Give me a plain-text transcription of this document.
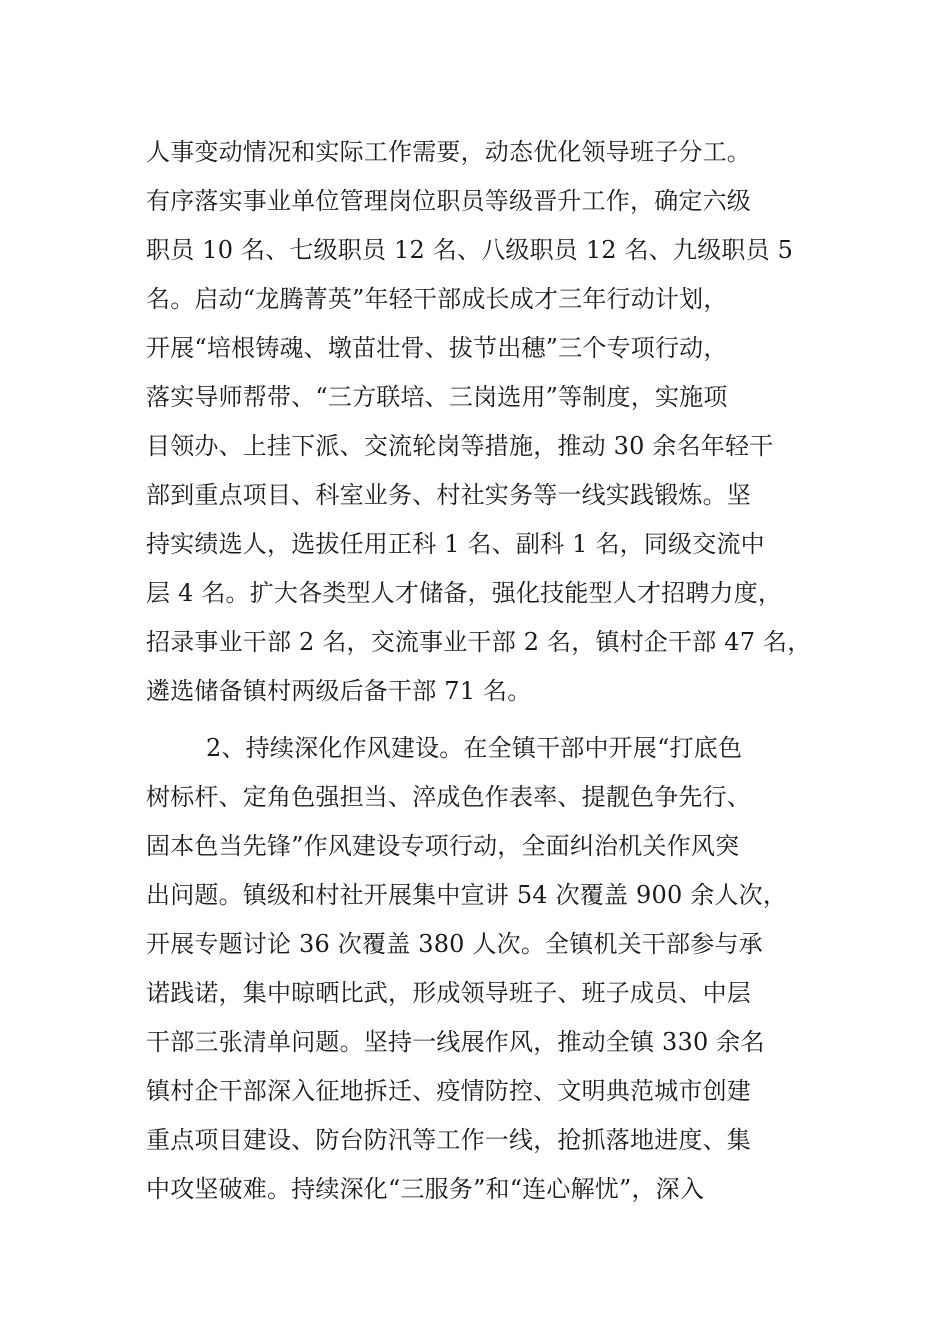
人事变动情况和实际工作需要，动态优化领导班子分工。
有序落实事业单位管理岗位职员等级晋升工作，确定六级
职员 10 名、七级职员 12 名、八级职员 12 名、九级职员 5
名。启动“龙腾菁英”年轻干部成长成才三年行动计划，
开展“培根铸魂、墩苗壮骨、拔节出穗”三个专项行动，
落实导师帮带、“三方联培、三岗选用”等制度，实施项
目领办、上挂下派、交流轮岗等措施，推动 30 余名年轻干
部到重点项目、科室业务、村社实务等一线实践锻炼。坚
持实绩选人，选拔任用正科 1 名、副科 1 名，同级交流中
层 4 名。扩大各类型人才储备，强化技能型人才招聘力度，
招录事业干部 2 名，交流事业干部 2 名，镇村企干部 47 名，
遴选储备镇村两级后备干部 71 名。
2、持续深化作风建设。在全镇干部中开展“打底色
树标杆、定角色强担当、淬成色作表率、提靓色争先行、
固本色当先锋”作风建设专项行动，全面纠治机关作风突
出问题。镇级和村社开展集中宣讲 54 次覆盖 900 余人次，
开展专题讨论 36 次覆盖 380 人次。全镇机关干部参与承
诺践诺，集中晾晒比武，形成领导班子、班子成员、中层
干部三张清单问题。坚持一线展作风，推动全镇 330 余名
镇村企干部深入征地拆迁、疫情防控、文明典范城市创建
重点项目建设、防台防汛等工作一线，抢抓落地进度、集
中攻坚破难。持续深化“三服务”和“连心解忧”，深入
